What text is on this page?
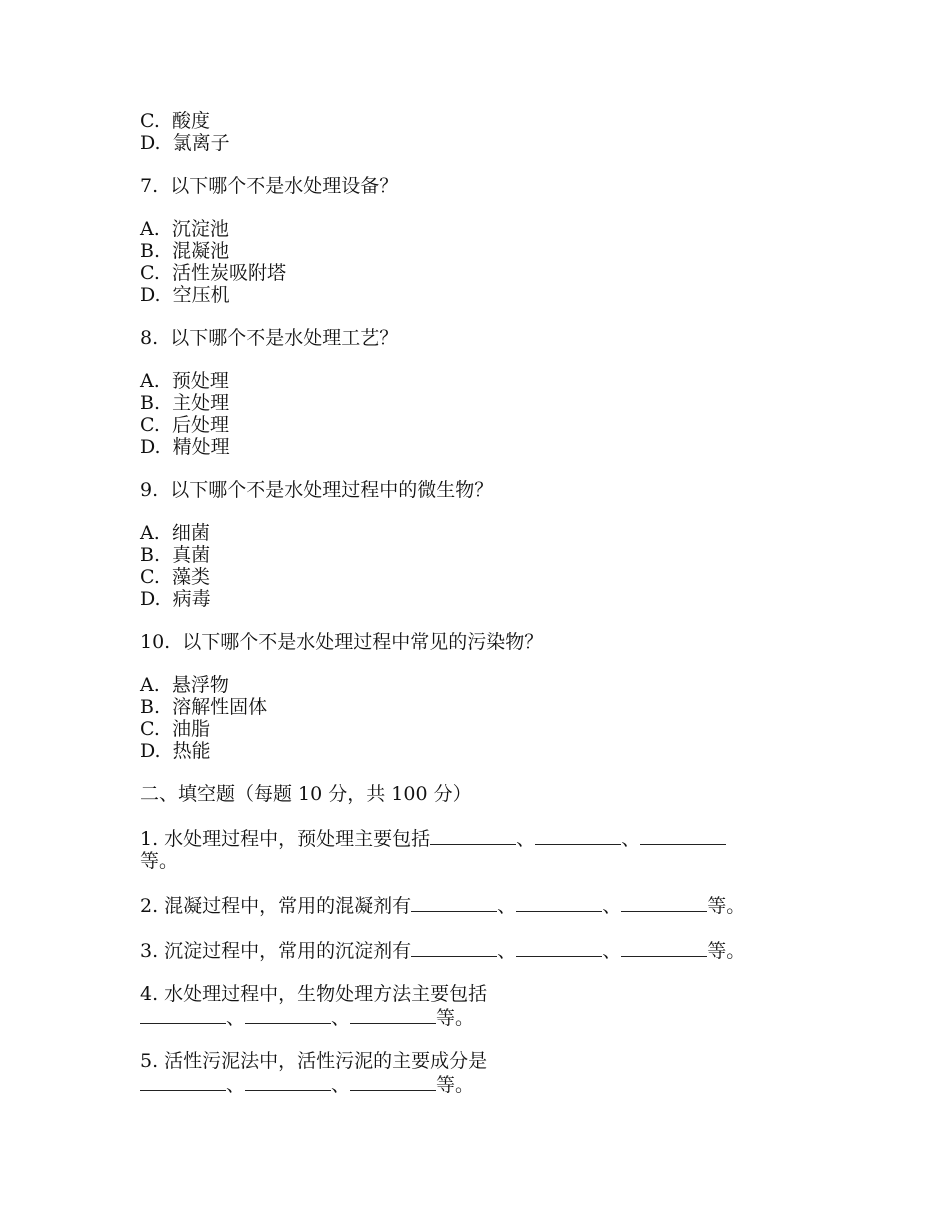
C.  酸度
D.  氯离子
7.  以下哪个不是水处理设备？
A.  沉淀池
B.  混凝池
C.  活性炭吸附塔
D.  空压机
8.  以下哪个不是水处理工艺？
A.  预处理
B.  主处理
C.  后处理
D.  精处理
9.  以下哪个不是水处理过程中的微生物？
A.  细菌
B.  真菌
C.  藻类
D.  病毒
10.  以下哪个不是水处理过程中常见的污染物？
A.  悬浮物
B.  溶解性固体
C.  油脂
D.  热能
二、填空题（每题 10 分，共 100 分）
1. 水处理过程中，预处理主要包括	、	、
等。
2. 混凝过程中，常用的混凝剂有	、	、	等。
3. 沉淀过程中，常用的沉淀剂有	、	、	等。
4. 水处理过程中，生物处理方法主要包括
、	、	等。
5. 活性污泥法中，活性污泥的主要成分是
、	、	等。
